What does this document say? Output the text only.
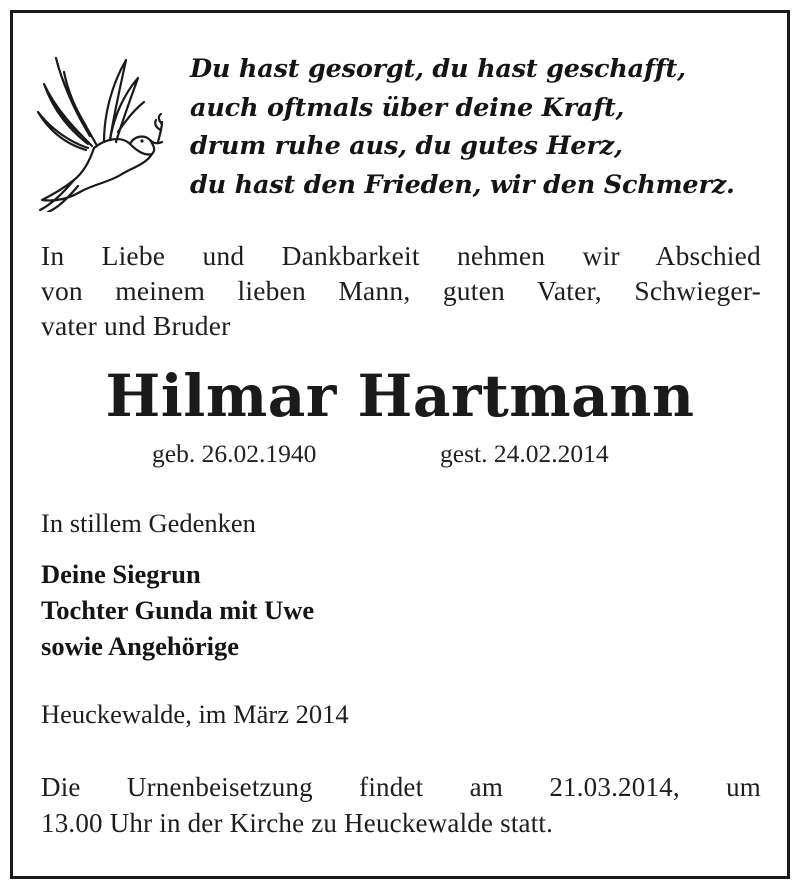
Du hast gesorgt, du hast geschafft,
auch oftmals über deine Kraft,
drum ruhe aus, du gutes Herz,
du hast den Frieden, wir den Schmerz.
In Liebe und Dankbarkeit nehmen wir Abschied
von meinem lieben Mann, guten Vater, Schwieger-
vater und Bruder
Hilmar Hartmann
geb. 26.02.1940	gest. 24.02.2014
In stillem Gedenken
Deine Siegrun
Tochter Gunda mit Uwe
sowie Angehörige
Heuckewalde, im März 2014
Die Urnenbeisetzung findet am 21.03.2014, um
13.00 Uhr in der Kirche zu Heuckewalde statt.
